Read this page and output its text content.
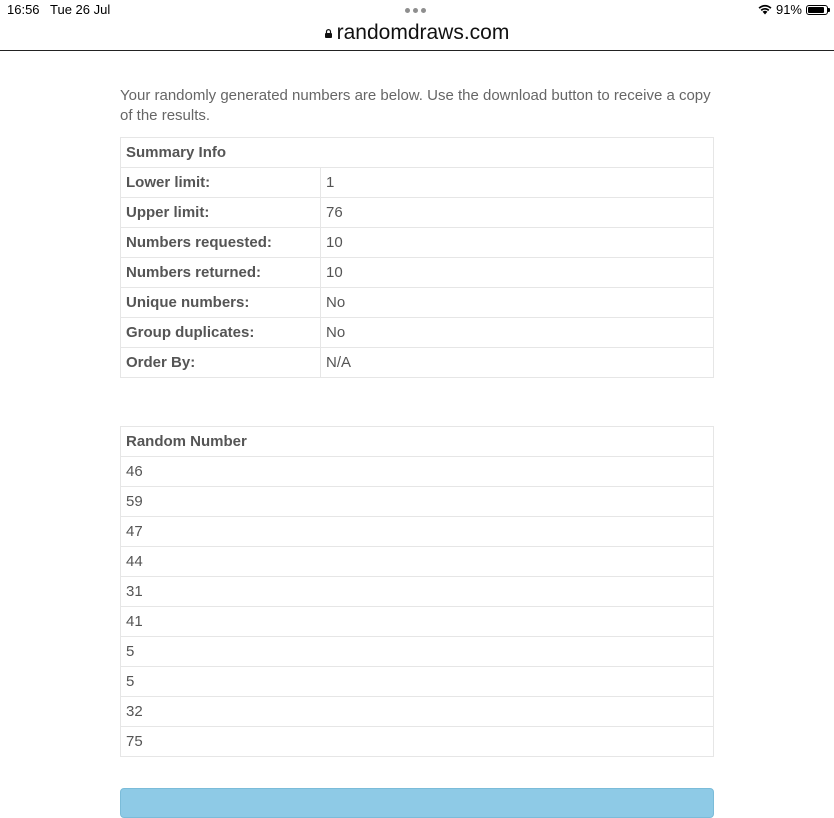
16:56 Tue 26 Jul	91%
randomdraws.com

Your randomly generated numbers are below. Use the download button to receive a copy of the results.

Summary Info	
Lower limit:	1
Upper limit:	76
Numbers requested:	10
Numbers returned:	10
Unique numbers:	No
Group duplicates:	No
Order By:	N/A
Random Number
46
59
47
44
31
41
5
5
32
75
